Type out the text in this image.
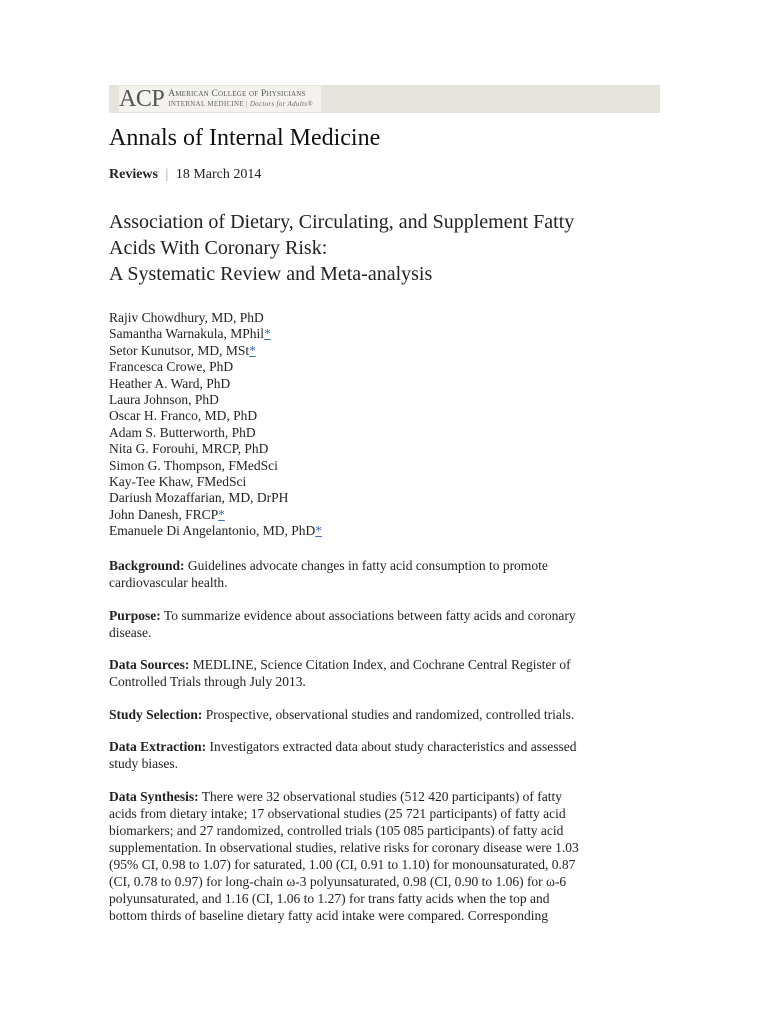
ACP American College of Physicians
INTERNAL MEDICINE | Doctors for Adults®
Annals of Internal Medicine
Reviews | 18 March 2014
Association of Dietary, Circulating, and Supplement Fatty
Acids With Coronary Risk:
A Systematic Review and Meta-analysis
Rajiv Chowdhury, MD, PhD
Samantha Warnakula, MPhil*
Setor Kunutsor, MD, MSt*
Francesca Crowe, PhD
Heather A. Ward, PhD
Laura Johnson, PhD
Oscar H. Franco, MD, PhD
Adam S. Butterworth, PhD
Nita G. Forouhi, MRCP, PhD
Simon G. Thompson, FMedSci
Kay-Tee Khaw, FMedSci
Dariush Mozaffarian, MD, DrPH
John Danesh, FRCP*
Emanuele Di Angelantonio, MD, PhD*

Background: Guidelines advocate changes in fatty acid consumption to promote
cardiovascular health.

Purpose: To summarize evidence about associations between fatty acids and coronary
disease.

Data Sources: MEDLINE, Science Citation Index, and Cochrane Central Register of
Controlled Trials through July 2013.

Study Selection: Prospective, observational studies and randomized, controlled trials.

Data Extraction: Investigators extracted data about study characteristics and assessed
study biases.

Data Synthesis: There were 32 observational studies (512 420 participants) of fatty
acids from dietary intake; 17 observational studies (25 721 participants) of fatty acid
biomarkers; and 27 randomized, controlled trials (105 085 participants) of fatty acid
supplementation. In observational studies, relative risks for coronary disease were 1.03
(95% CI, 0.98 to 1.07) for saturated, 1.00 (CI, 0.91 to 1.10) for monounsaturated, 0.87
(CI, 0.78 to 0.97) for long-chain ω-3 polyunsaturated, 0.98 (CI, 0.90 to 1.06) for ω-6
polyunsaturated, and 1.16 (CI, 1.06 to 1.27) for trans fatty acids when the top and
bottom thirds of baseline dietary fatty acid intake were compared. Corresponding
